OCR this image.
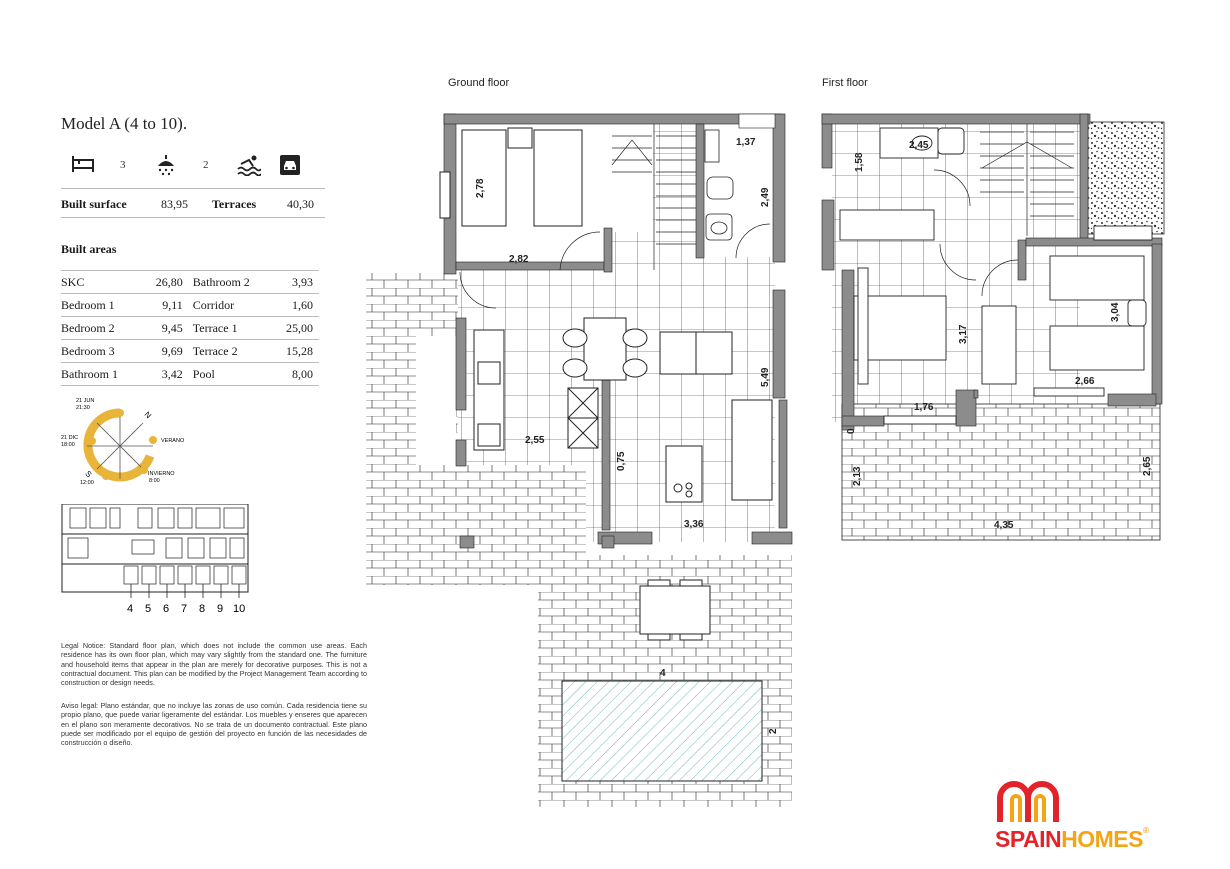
Model A (4 to 10).
3	2
Built surface	83,95 Terraces	40,30
Built areas
SKC	26,80	Bathroom 2	3,93
Bedroom 1	9,11	Corridor	1,60
Bedroom 2	9,45	Terrace 1	25,00
Bedroom 3	9,69	Terrace 2	15,28
Bathroom 1	3,42	Pool	8,00
21 JUN
21:30
21 DIC
18:00
VERANO
INVIERNO
8:00
12:00
N
S
4 5 6 7 8 9 10
Legal Notice: Standard floor plan, which does not include the common use areas. Each residence has its own floor plan, which may vary slightly from the standard one. The furniture and household items that appear in the plan are merely for decorative purposes. This is not a contractual document. This plan can be modified by the Project Management Team according to construction or design needs.
Aviso legal: Plano estándar, que no incluye las zonas de uso común. Cada residencia tiene su propio plano, que puede variar ligeramente del estándar. Los muebles y enseres que aparecen en el plano son meramente decorativos. No se trata de un documento contractual. Este plano puede ser modificado por el equipo de gestión del proyecto en función de las necesidades de construcción o diseño.
Ground floor	First floor
2,78
2,82
1,37
2,49
5,49
2,55
0,75
3,36
4
2
1,58
2,45
3,17
3,04
2,66
1,76
0
2,13
2,65
4,35
SPAINHOMES®
